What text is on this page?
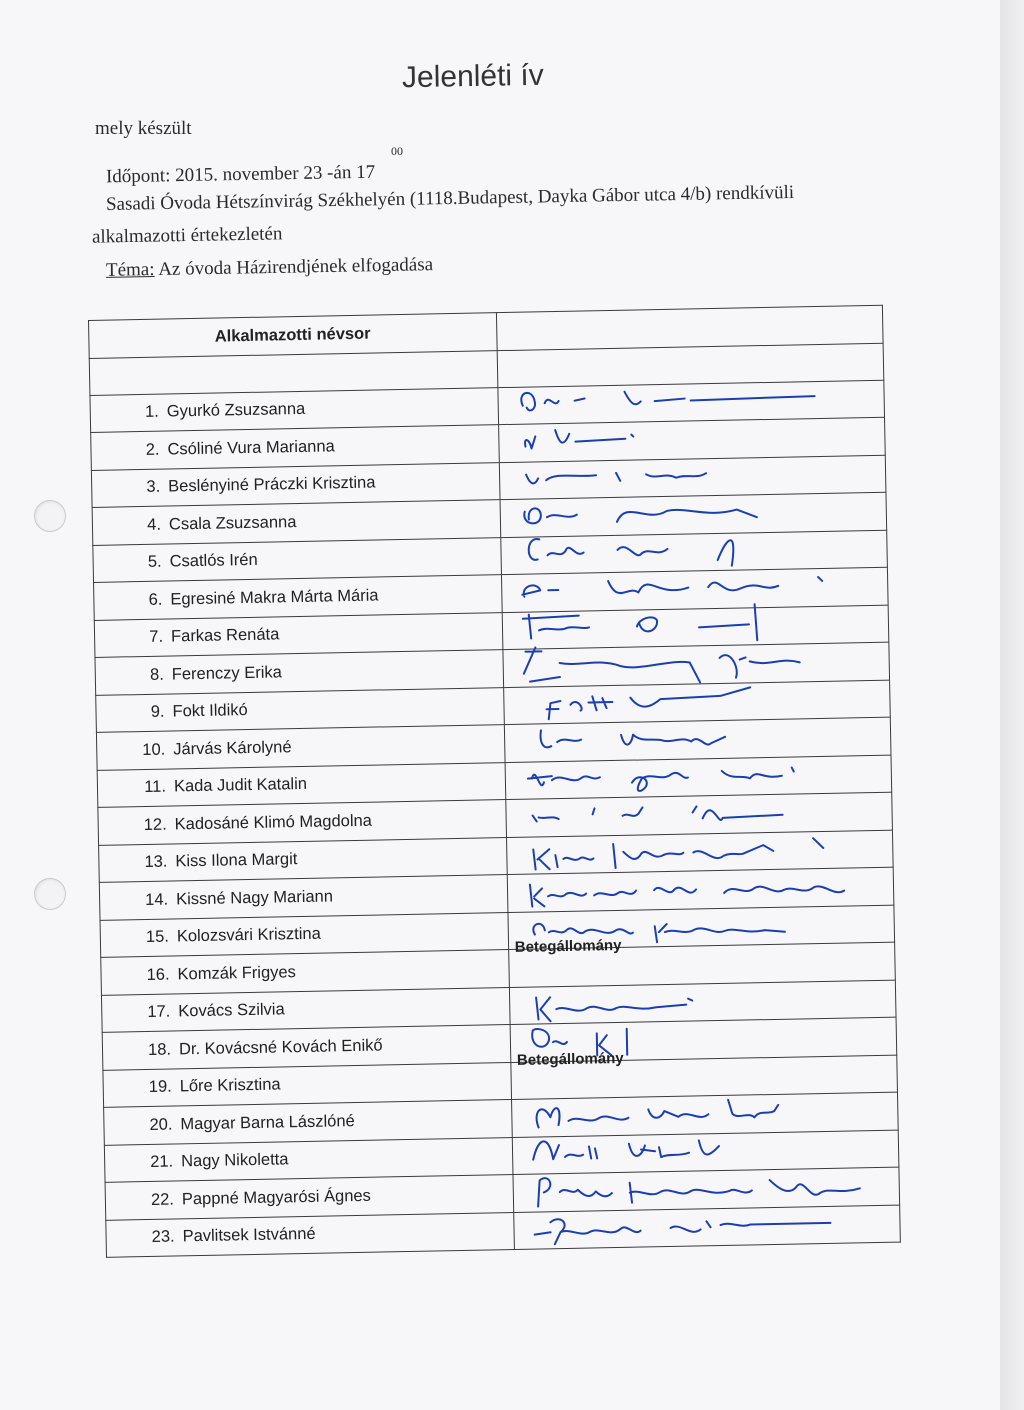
Jelenléti ív
mely készült
00
Időpont: 2015. november 23 -án 17
Sasadi Óvoda Hétszínvirág Székhelyén (1118.Budapest, Dayka Gábor utca 4/b) rendkívüli
alkalmazotti értekezletén
Téma: Az óvoda Házirendjének elfogadása
Alkalmazotti névsor	

1. Gyurkó Zsuzsanna	

2. Csóliné Vura Marianna	

3. Beslényiné Práczki Krisztina	

4. Csala Zsuzsanna	

5. Csatlós Irén	

6. Egresiné Makra Márta Mária	

7. Farkas Renáta	

8. Ferenczy Erika	

9. Fokt Ildikó	

10. Járvás Károlyné	

11. Kada Judit Katalin	

12. Kadosáné Klimó Magdolna	

13. Kiss Ilona Margit	

14. Kissné Nagy Mariann	

15. Kolozsvári Krisztina	

16. Komzák Frigyes	Betegállomány

17. Kovács Szilvia	

18. Dr. Kovácsné Kovách Enikő	

19. Lőre Krisztina	Betegállomány

20. Magyar Barna Lászlóné	

21. Nagy Nikoletta	

22. Pappné Magyarósi Ágnes	

23. Pavlitsek Istvánné	
